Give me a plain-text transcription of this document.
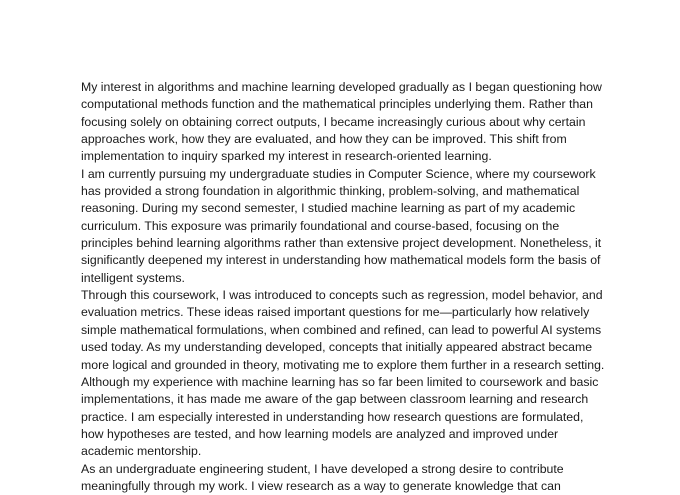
My interest in algorithms and machine learning developed gradually as I began questioning how
computational methods function and the mathematical principles underlying them. Rather than
focusing solely on obtaining correct outputs, I became increasingly curious about why certain
approaches work, how they are evaluated, and how they can be improved. This shift from
implementation to inquiry sparked my interest in research-oriented learning.

I am currently pursuing my undergraduate studies in Computer Science, where my coursework
has provided a strong foundation in algorithmic thinking, problem-solving, and mathematical
reasoning. During my second semester, I studied machine learning as part of my academic
curriculum. This exposure was primarily foundational and course-based, focusing on the
principles behind learning algorithms rather than extensive project development. Nonetheless, it
significantly deepened my interest in understanding how mathematical models form the basis of
intelligent systems.

Through this coursework, I was introduced to concepts such as regression, model behavior, and
evaluation metrics. These ideas raised important questions for me—particularly how relatively
simple mathematical formulations, when combined and refined, can lead to powerful AI systems
used today. As my understanding developed, concepts that initially appeared abstract became
more logical and grounded in theory, motivating me to explore them further in a research setting.

Although my experience with machine learning has so far been limited to coursework and basic
implementations, it has made me aware of the gap between classroom learning and research
practice. I am especially interested in understanding how research questions are formulated,
how hypotheses are tested, and how learning models are analyzed and improved under
academic mentorship.

As an undergraduate engineering student, I have developed a strong desire to contribute
meaningfully through my work. I view research as a way to generate knowledge that can
